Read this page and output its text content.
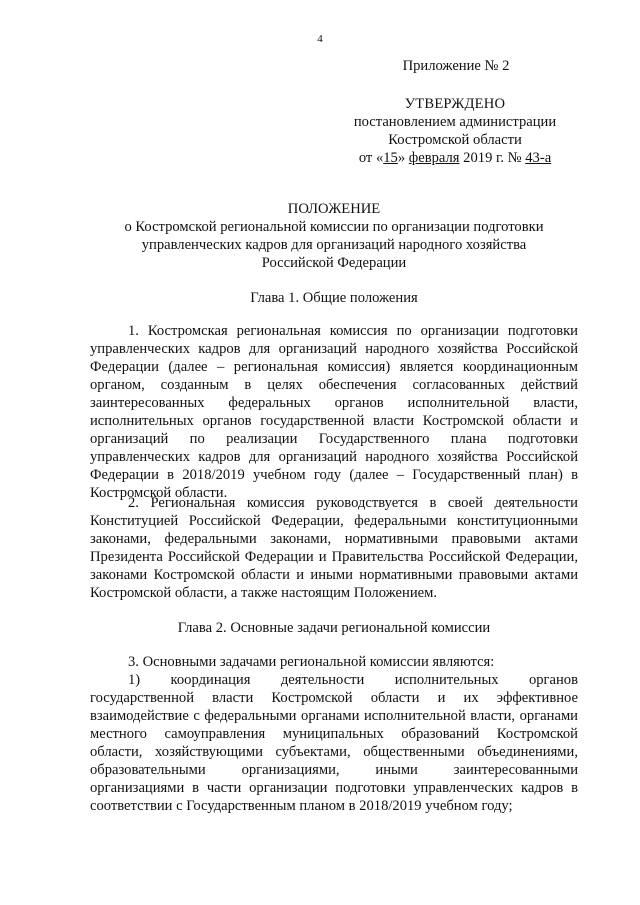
4
Приложение № 2
УТВЕРЖДЕНО
постановлением администрации
Костромской области
от «15» февраля 2019 г. № 43-а
ПОЛОЖЕНИЕ
о Костромской региональной комиссии по организации подготовки
управленческих кадров для организаций народного хозяйства
Российской Федерации
Глава 1. Общие положения
1. Костромская региональная комиссия по организации подготовки управленческих кадров для организаций народного хозяйства Российской Федерации (далее – региональная комиссия) является координационным органом, созданным в целях обеспечения согласованных действий заинтересованных федеральных органов исполнительной власти, исполнительных органов государственной власти Костромской области и организаций по реализации Государственного плана подготовки управленческих кадров для организаций народного хозяйства Российской Федерации в 2018/2019 учебном году (далее – Государственный план) в Костромской области.
2. Региональная комиссия руководствуется в своей деятельности Конституцией Российской Федерации, федеральными конституционными законами, федеральными законами, нормативными правовыми актами Президента Российской Федерации и Правительства Российской Федерации, законами Костромской области и иными нормативными правовыми актами Костромской области, а также настоящим Положением.
Глава 2. Основные задачи региональной комиссии
3. Основными задачами региональной комиссии являются:
1) координация деятельности исполнительных органов государственной власти Костромской области и их эффективное взаимодействие с федеральными органами исполнительной власти, органами местного самоуправления муниципальных образований Костромской области, хозяйствующими субъектами, общественными объединениями, образовательными организациями, иными заинтересованными организациями в части организации подготовки управленческих кадров в соответствии с Государственным планом в 2018/2019 учебном году;
